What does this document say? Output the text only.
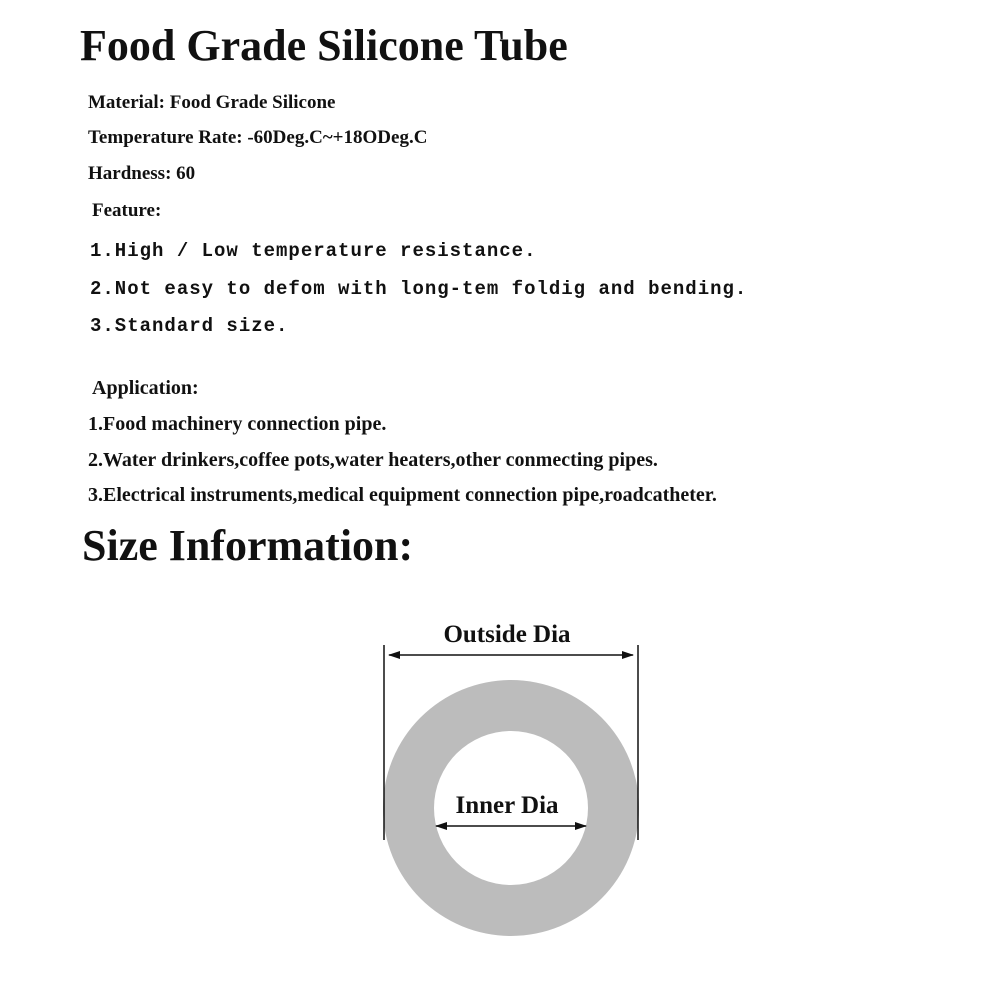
Food Grade Silicone Tube

Material: Food Grade Silicone

Temperature Rate: -60Deg.C~+18ODeg.C

Hardness: 60

Feature:

1.High / Low temperature resistance.

2.Not easy to defom with long-tem foldig and bending.

3.Standard size.

Application:

1.Food machinery connection pipe.

2.Water drinkers,coffee pots,water heaters,other conmecting pipes.

3.Electrical instruments,medical equipment connection pipe,roadcatheter.

Size Information:
Outside Dia
Inner Dia
